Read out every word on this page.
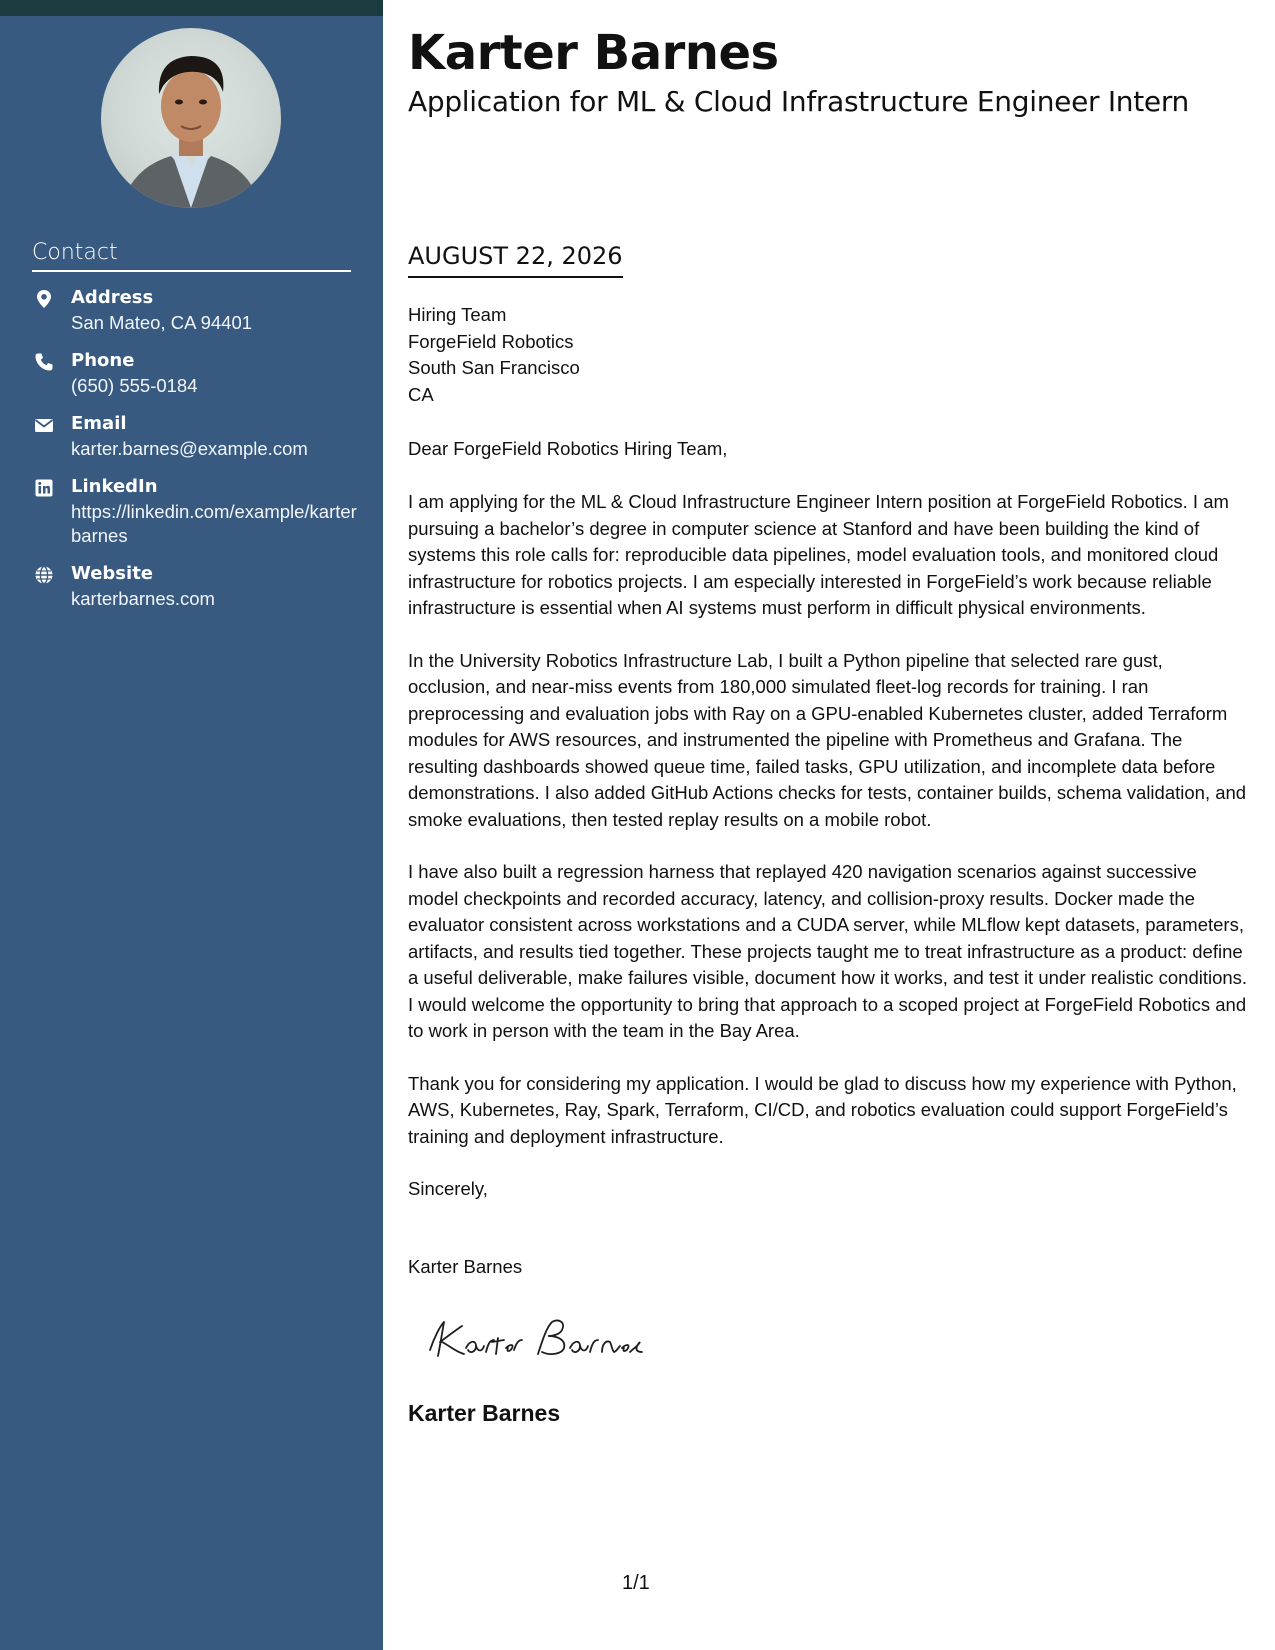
Contact
Address
San Mateo, CA 94401
Phone
(650) 555-0184
Email
karter.barnes@example.com
LinkedIn
https://linkedin.com/example/karterbarnes
Website
karterbarnes.com
Karter Barnes
Application for ML & Cloud Infrastructure Engineer Intern
AUGUST 22, 2026
Hiring Team
ForgeField Robotics
South San Francisco
CA
Dear ForgeField Robotics Hiring Team,

I am applying for the ML & Cloud Infrastructure Engineer Intern position at ForgeField Robotics. I am pursuing a bachelor’s degree in computer science at Stanford and have been building the kind of systems this role calls for: reproducible data pipelines, model evaluation tools, and monitored cloud infrastructure for robotics projects. I am especially interested in ForgeField’s work because reliable infrastructure is essential when AI systems must perform in difficult physical environments.

In the University Robotics Infrastructure Lab, I built a Python pipeline that selected rare gust, occlusion, and near-miss events from 180,000 simulated fleet-log records for training. I ran preprocessing and evaluation jobs with Ray on a GPU-enabled Kubernetes cluster, added Terraform modules for AWS resources, and instrumented the pipeline with Prometheus and Grafana. The resulting dashboards showed queue time, failed tasks, GPU utilization, and incomplete data before demonstrations. I also added GitHub Actions checks for tests, container builds, schema validation, and smoke evaluations, then tested replay results on a mobile robot.

I have also built a regression harness that replayed 420 navigation scenarios against successive model checkpoints and recorded accuracy, latency, and collision-proxy results. Docker made the evaluator consistent across workstations and a CUDA server, while MLflow kept datasets, parameters, artifacts, and results tied together. These projects taught me to treat infrastructure as a product: define a useful deliverable, make failures visible, document how it works, and test it under realistic conditions. I would welcome the opportunity to bring that approach to a scoped project at ForgeField Robotics and to work in person with the team in the Bay Area.

Thank you for considering my application. I would be glad to discuss how my experience with Python, AWS, Kubernetes, Ray, Spark, Terraform, CI/CD, and robotics evaluation could support ForgeField’s training and deployment infrastructure.

Sincerely,
Karter Barnes
Karter Barnes
1/1
